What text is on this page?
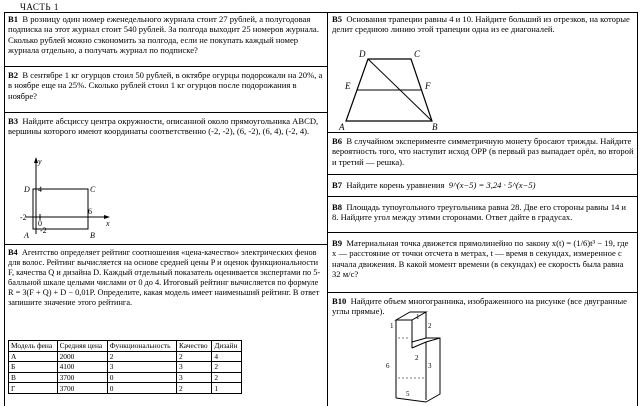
ЧАСТЬ 1
В1 В розницу один номер еженедельного журнала стоит 27 рублей, а полугодовая подписка на этот журнал стоит 540 рублей. За полгода выходит 25 номеров журнала. Сколько рублей можно сэкономить за полгода, если не покупать каждый номер журнала отдельно, а получать журнал по подписке?
В2 В сентябре 1 кг огурцов стоил 50 рублей, в октябре огурцы подорожали на 20%, а в ноябре еще на 25%. Сколько рублей стоил 1 кг огурцов после подорожания в ноябре?
В3 Найдите абсциссу центра окружности, описанной около прямоугольника ABCD, вершины которого имеют координаты соответственно (-2, -2), (6, -2), (6, 4), (-2, 4).
y
x
D 4	C
-2
0
6
-2
A	B
В4 Агентство определяет рейтинг соотношения «цена-качество» электрических фенов для волос. Рейтинг вычисляется на основе средней цены P и оценок функциональности F, качества Q и дизайна D. Каждый отдельный показатель оценивается экспертами по 5-балльной шкале целыми числами от 0 до 4. Итоговый рейтинг вычисляется по формуле R = 3(F + Q) + D − 0,01P. Определите, какая модель имеет наименьший рейтинг. В ответ запишите значение этого рейтинга.
Модель фена	Средняя цена	Функциональность	Качество	Дизайн
А	2000	2	2	4
Б	4100	3	3	2
В	3700	0	3	2
Г	3700	0	2	1
В5 Основания трапеции равны 4 и 10. Найдите больший из отрезков, на которые делит среднюю линию этой трапеции одна из ее диагоналей.
D	C
E	F
A	B
В6 В случайном эксперименте симметричную монету бросают трижды. Найдите вероятность того, что наступит исход ОРР (в первый раз выпадает орёл, во второй и третий — решка).
В7 Найдите корень уравнения 9^(x−5) = 3,24 · 5^(x−5)
В8 Площадь тупоугольного треугольника равна 28. Две его стороны равны 14 и 8. Найдите угол между этими сторонами. Ответ дайте в градусах.
В9 Материальная точка движется прямолинейно по закону x(t) = (1/6)t³ − 19, где x — расстояние от точки отсчета в метрах, t — время в секундах, измеренное с начала движения. В какой момент времени (в секундах) ее скорость была равна 32 м/с?
В10 Найдите объем многогранника, изображенного на рисунке (все двугранные углы прямые).
1
1
2
6
2
3
5
